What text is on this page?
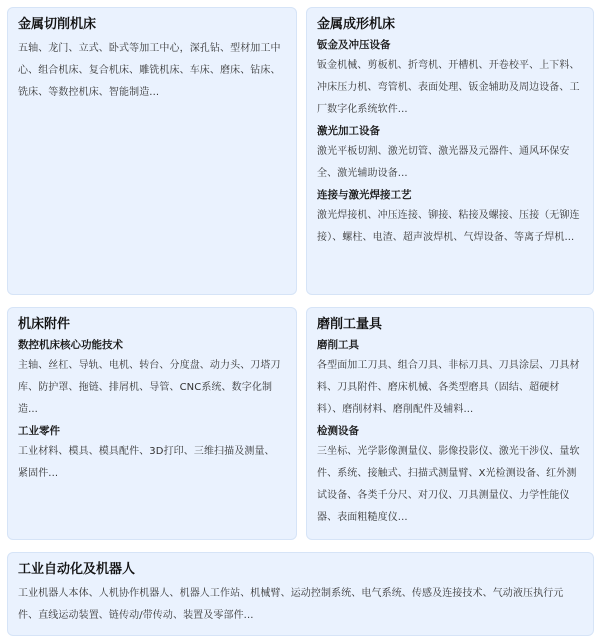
金属切削机床
五轴、龙门、立式、卧式等加工中心，深孔钻、型材加工中心、组合机床、复合机床、雕铣机床、车床、磨床、钻床、铣床、等数控机床、智能制造...
金属成形机床
钣金及冲压设备
钣金机械、剪板机、折弯机、开槽机、开卷校平、上下料、冲床压力机、弯管机、表面处理、钣金辅助及周边设备、工厂数字化系统软件...
激光加工设备
激光平板切割、激光切管、激光器及元器件、通风环保安全、激光辅助设备...
连接与激光焊接工艺
激光焊接机、冲压连接、铆接、粘接及螺接、压接（无铆连接）、螺柱、电渣、超声波焊机、气焊设备、等离子焊机...
机床附件
数控机床核心功能技术
主轴、丝杠、导轨、电机、转台、分度盘、动力头、刀塔刀库、防护罩、拖链、排屑机、导管、CNC系统、数字化制造...
工业零件
工业材料、模具、模具配件、3D打印、三维扫描及测量、紧固件...
磨削工量具
磨削工具
各型面加工刀具、组合刀具、非标刀具、刀具涂层、刀具材料、刀具附件、磨床机械、各类型磨具（固结、超硬材料）、磨削材料、磨削配件及辅料...
检测设备
三坐标、光学影像测量仪、影像投影仪、激光干涉仪、量软件、系统、接触式、扫描式测量臂、X光检测设备、红外测试设备、各类千分尺、对刀仪、刀具测量仪、力学性能仪器、表面粗糙度仪...
工业自动化及机器人
工业机器人本体、人机协作机器人、机器人工作站、机械臂、运动控制系统、电气系统、传感及连接技术、气动液压执行元件、直线运动装置、链传动/带传动、装置及零部件...
